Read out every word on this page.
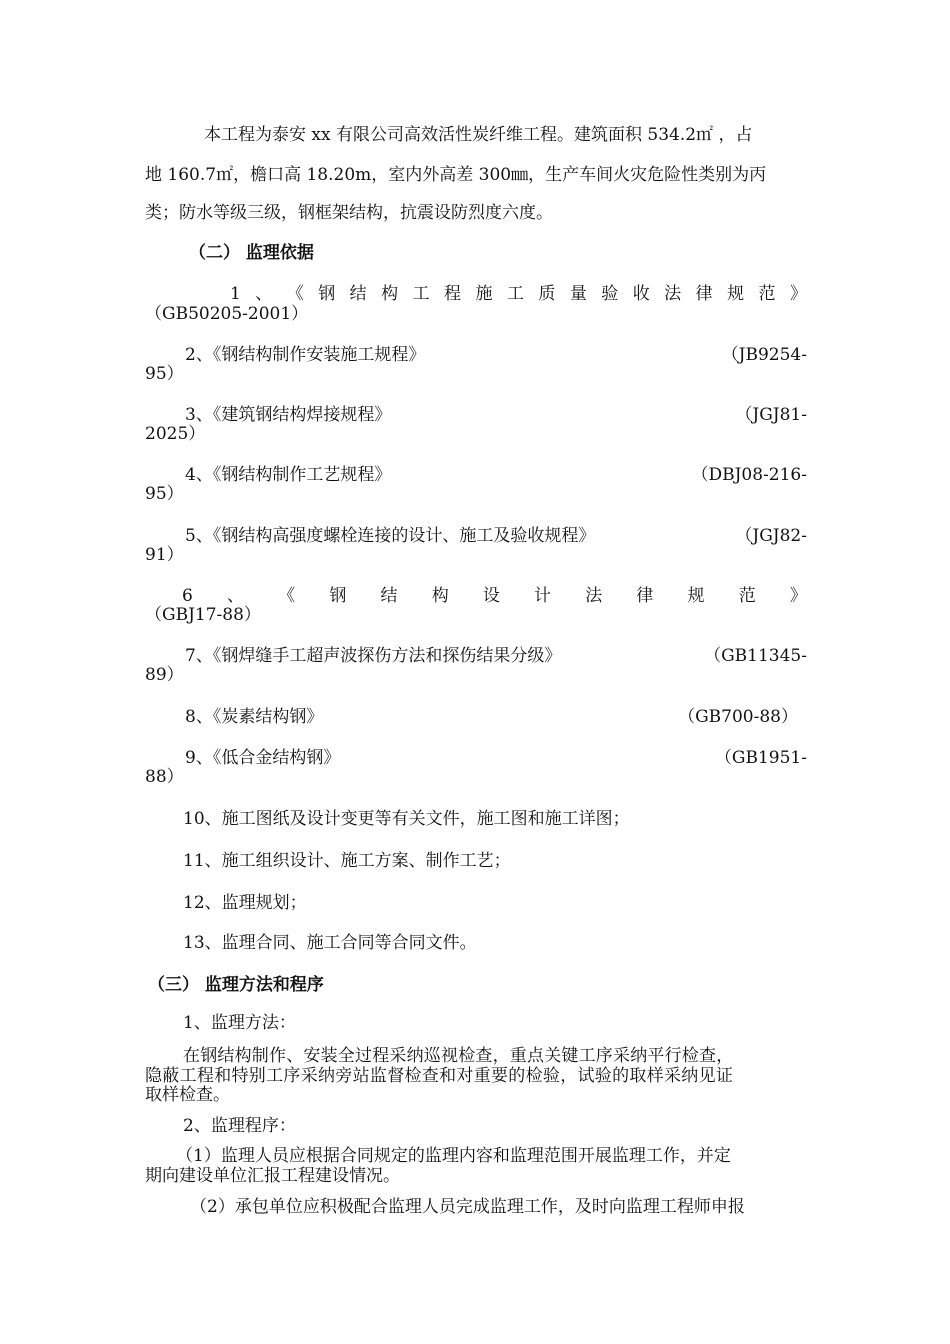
本工程为泰安 xx 有限公司高效活性炭纤维工程。建筑面积 534.2㎡ ，占
地 160.7㎡，檐口高 18.20m，室内外高差 300㎜，生产车间火灾危险性类别为丙
类；防水等级三级，钢框架结构，抗震设防烈度六度。
（二） 监理依据
1 、 《 钢 结 构 工 程 施 工 质 量 验 收 法 律 规 范 》
（GB50205-2001）
2、《钢结构制作安装施工规程》	（JB9254-
95）
3、《建筑钢结构焊接规程》	（JGJ81-
2025）
4、《钢结构制作工艺规程》	（DBJ08-216-
95）
5、《钢结构高强度螺栓连接的设计、施工及验收规程》	（JGJ82-
91）
6 、 《 钢 结 构 设 计 法 律 规 范 》
（GBJ17-88）
7、《钢焊缝手工超声波探伤方法和探伤结果分级》	（GB11345-
89）
8、《炭素结构钢》	（GB700-88）
9、《低合金结构钢》	（GB1951-
88）
10、施工图纸及设计变更等有关文件，施工图和施工详图；
11、施工组织设计、施工方案、制作工艺；
12、监理规划；
13、监理合同、施工合同等合同文件。
（三） 监理方法和程序
1、监理方法：
在钢结构制作、安装全过程采纳巡视检查，重点关键工序采纳平行检查，
隐蔽工程和特别工序采纳旁站监督检查和对重要的检验，试验的取样采纳见证
取样检查。
2、监理程序：
（1）监理人员应根据合同规定的监理内容和监理范围开展监理工作，并定
期向建设单位汇报工程建设情况。
（2）承包单位应积极配合监理人员完成监理工作，及时向监理工程师申报
